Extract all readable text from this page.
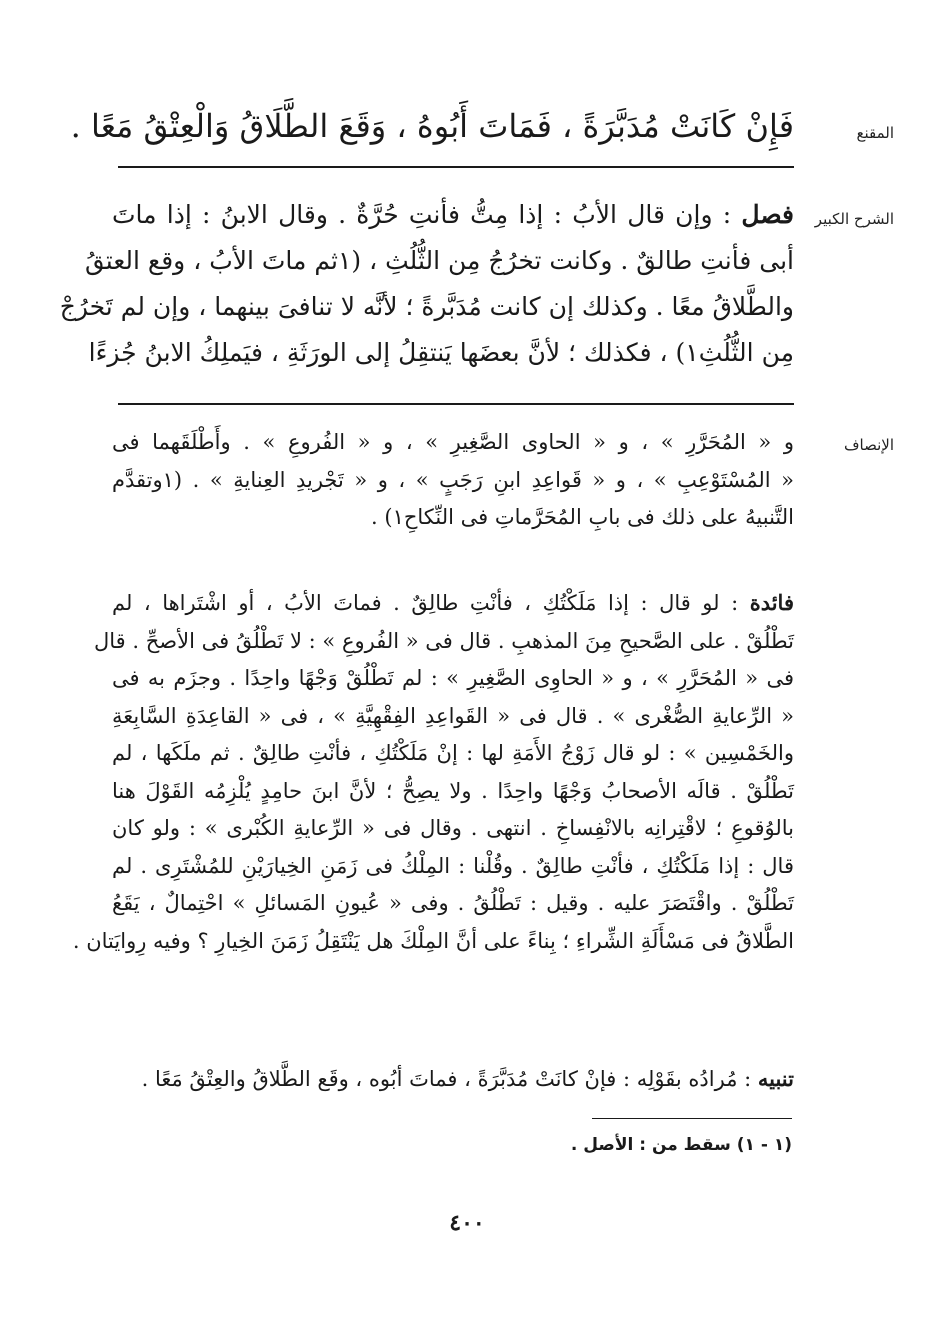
المقنع
فَإِنْ كَانَتْ مُدَبَّرَةً ، فَمَاتَ أَبُوهُ ، وَقَعَ الطَّلَاقُ وَالْعِتْقُ مَعًا .
الشرح الكبير
فصل : وإن قال الأبُ : إذا مِتُّ فأنتِ حُرَّةٌ . وقال الابنُ : إذا ماتَ
أبى فأنتِ طالقٌ . وكانت تخرُجُ مِن الثُّلُثِ ، (١ثم ماتَ الأبُ ، وقع العتقُ
والطَّلاقُ معًا . وكذلك إن كانت مُدَبَّرةً ؛ لأنَّه لا تنافىَ بينهما ، وإن لم تَخرُجْ
مِن الثُّلُثِ١) ، فكذلك ؛ لأنَّ بعضَها يَنتقِلُ إلى الورَثَةِ ، فيَملِكُ الابنُ جُزءًا
الإنصاف
و « المُحَرَّرِ » ، و « الحاوى الصَّغِيرِ » ، و « الفُروعِ » . وأَطْلَقَهما فى
« المُسْتَوْعِبِ » ، و « قَواعِدِ ابنِ رَجَبٍ » ، و « تَجْريدِ العِنايةِ » . (١وتقدَّم
التَّنبيهُ على ذلك فى بابِ المُحَرَّماتِ فى النِّكاحِ١) .
فائدة : لو قال : إذا مَلَكْتُكِ ، فأنْتِ طالِقٌ . فماتَ الأبُ ، أو اشْتَراها ، لم
تَطْلُقْ . على الصَّحيحِ مِنَ المذهبِ . قال فى « الفُروعِ » : لا تَطْلُقُ فى الأصحِّ . قال
فى « المُحَرَّرِ » ، و « الحاوِى الصَّغِيرِ » : لم تَطْلُقْ وَجْهًا واحِدًا . وجزَم به فى
« الرِّعايةِ الصُّغْرى » . قال فى « القَواعِدِ الفِقْهِيَّةِ » ، فى « القاعِدَةِ السَّابِعَةِ
والخَمْسِين » : لو قال زَوْجُ الأَمَةِ لها : إنْ مَلَكْتُكِ ، فأنْتِ طالِقٌ . ثم ملَكَها ، لم
تَطْلُقْ . قالَه الأصحابُ وَجْهًا واحِدًا . ولا يصِحُّ ؛ لأنَّ ابنَ حامِدٍ يُلْزِمُه القَوْلَ هنا
بالوُقوعِ ؛ لاقْتِرانِه بالانْفِساخِ . انتهى . وقال فى « الرِّعايةِ الكُبْرى » : ولو كان
قال : إذا مَلَكْتُكِ ، فأنْتِ طالِقٌ . وقُلْنا : المِلْكُ فى زَمَنِ الخِيارَيْنِ للمُشْتَرِى . لم
تَطْلُقْ . واقْتَصَرَ عليه . وقيل : تَطْلُقُ . وفى « عُيونِ المَسائلِ » احْتِمالٌ ، يَقَعُ
الطَّلاقُ فى مَسْأَلَةِ الشِّراءِ ؛ بِناءً على أنَّ المِلْكَ هل يَنْتَقِلُ زَمَنَ الخِيارِ ؟ وفيه رِوايَتان .
تنبيه : مُرادُه بقَوْلِه : فإنْ كانَتْ مُدَبَّرَةً ، فماتَ أبُوه ، وقَع الطَّلاقُ والعِتْقُ مَعًا .
(١ - ١) سقط من : الأصل .
٤٠٠
